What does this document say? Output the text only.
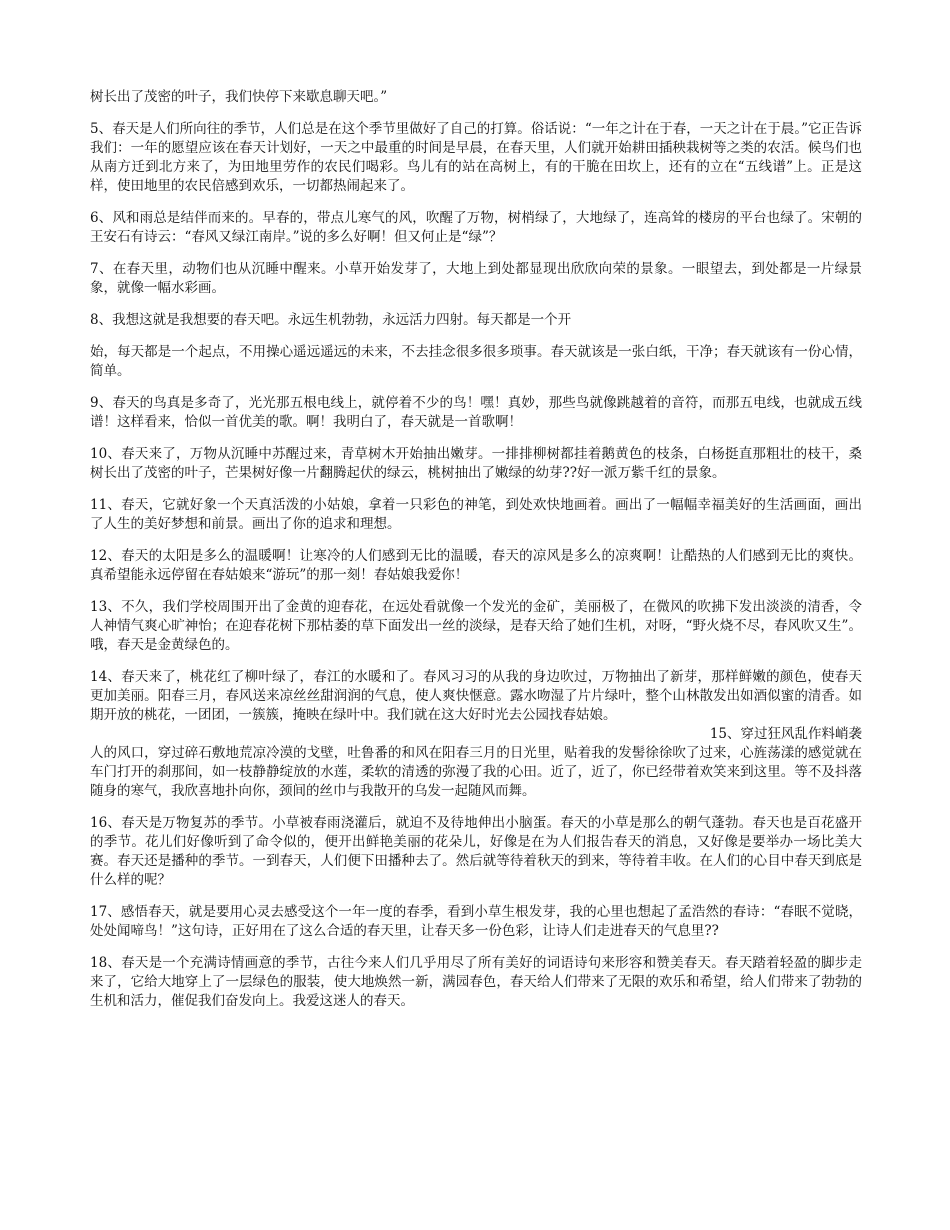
树长出了茂密的叶子，我们快停下来歇息聊天吧。”

5、春天是人们所向往的季节，人们总是在这个季节里做好了自己的打算。俗话说：“一年之计在于春，一天之计在于晨。”它正告诉我们：一年的愿望应该在春天计划好，一天之中最重的时间是早晨，在春天里，人们就开始耕田插秧栽树等之类的农活。候鸟们也从南方迁到北方来了，为田地里劳作的农民们喝彩。鸟儿有的站在高树上，有的干脆在田坎上，还有的立在“五线谱”上。正是这样，使田地里的农民倍感到欢乐，一切都热闹起来了。

6、风和雨总是结伴而来的。早春的，带点儿寒气的风，吹醒了万物，树梢绿了，大地绿了，连高耸的楼房的平台也绿了。宋朝的王安石有诗云：“春风又绿江南岸。”说的多么好啊！但又何止是“绿”？

7、在春天里，动物们也从沉睡中醒来。小草开始发芽了，大地上到处都显现出欣欣向荣的景象。一眼望去，到处都是一片绿景象，就像一幅水彩画。

8、我想这就是我想要的春天吧。永远生机勃勃，永远活力四射。每天都是一个开

始，每天都是一个起点，不用操心遥远遥远的未来，不去挂念很多很多琐事。春天就该是一张白纸，干净；春天就该有一份心情，简单。

9、春天的鸟真是多奇了，光光那五根电线上，就停着不少的鸟！嘿！真妙，那些鸟就像跳越着的音符，而那五电线，也就成五线谱！这样看来，恰似一首优美的歌。啊！我明白了，春天就是一首歌啊！

10、春天来了，万物从沉睡中苏醒过来，青草树木开始抽出嫩芽。一排排柳树都挂着鹅黄色的枝条，白杨挺直那粗壮的枝干，桑树长出了茂密的叶子，芒果树好像一片翻腾起伏的绿云，桃树抽出了嫩绿的幼芽??好一派万紫千红的景象。

11、春天，它就好象一个天真活泼的小姑娘，拿着一只彩色的神笔，到处欢快地画着。画出了一幅幅幸福美好的生活画面，画出了人生的美好梦想和前景。画出了你的追求和理想。

12、春天的太阳是多么的温暖啊！让寒冷的人们感到无比的温暖，春天的凉风是多么的凉爽啊！让酷热的人们感到无比的爽快。真希望能永远停留在春姑娘来“游玩”的那一刻！春姑娘我爱你！

13、不久，我们学校周围开出了金黄的迎春花，在远处看就像一个发光的金矿，美丽极了，在微风的吹拂下发出淡淡的清香，令人神情气爽心旷神怡；在迎春花树下那枯萎的草下面发出一丝的淡绿，是春天给了她们生机，对呀，“野火烧不尽，春风吹又生”。哦，春天是金黄绿色的。

14、春天来了，桃花红了柳叶绿了，春江的水暖和了。春风习习的从我的身边吹过，万物抽出了新芽，那样鲜嫩的颜色，使春天更加美丽。阳春三月，春风送来凉丝丝甜润润的气息，使人爽快惬意。露水吻湿了片片绿叶，整个山林散发出如酒似蜜的清香。如期开放的桃花，一团团，一簇簇，掩映在绿叶中。我们就在这大好时光去公园找春姑娘。

15、穿过狂风乱作料峭袭

人的风口，穿过碎石敷地荒凉冷漠的戈壁，吐鲁番的和风在阳春三月的日光里，贴着我的发髻徐徐吹了过来，心旌荡漾的感觉就在车门打开的刹那间，如一枝静静绽放的水莲，柔软的清透的弥漫了我的心田。近了，近了，你已经带着欢笑来到这里。等不及抖落随身的寒气，我欣喜地扑向你，颈间的丝巾与我散开的乌发一起随风而舞。

16、春天是万物复苏的季节。小草被春雨浇灌后，就迫不及待地伸出小脑蛋。春天的小草是那么的朝气蓬勃。春天也是百花盛开的季节。花儿们好像听到了命令似的，便开出鲜艳美丽的花朵儿，好像是在为人们报告春天的消息，又好像是要举办一场比美大赛。春天还是播种的季节。一到春天，人们便下田播种去了。然后就等待着秋天的到来，等待着丰收。在人们的心目中春天到底是什么样的呢？

17、感悟春天，就是要用心灵去感受这个一年一度的春季，看到小草生根发芽，我的心里也想起了孟浩然的春诗：“春眠不觉晓，处处闻啼鸟！”这句诗，正好用在了这么合适的春天里，让春天多一份色彩，让诗人们走进春天的气息里??

18、春天是一个充满诗情画意的季节，古往今来人们几乎用尽了所有美好的词语诗句来形容和赞美春天。春天踏着轻盈的脚步走来了，它给大地穿上了一层绿色的服装，使大地焕然一新，满园春色，春天给人们带来了无限的欢乐和希望，给人们带来了勃勃的生机和活力，催促我们奋发向上。我爱这迷人的春天。
